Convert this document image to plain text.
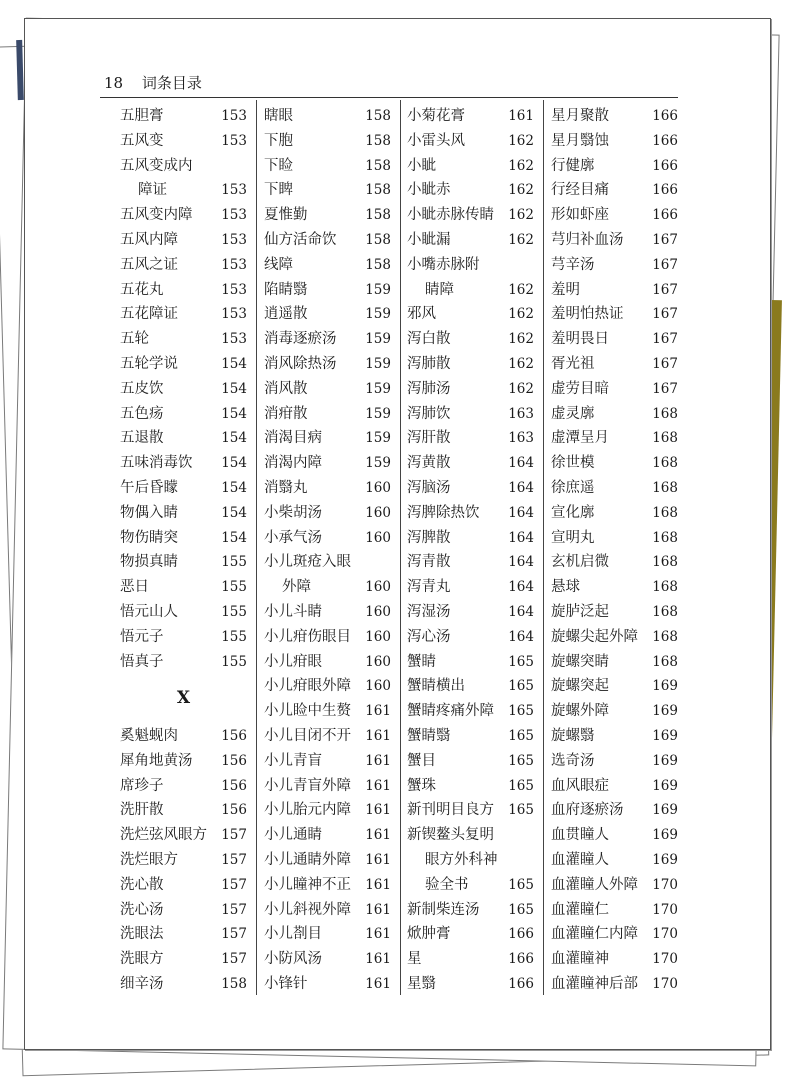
18 词条目录
五胆膏	153
五风变	153
五风变成内
障证	153
五风变内障 153
五风内障	153
五风之证	153
五花丸	153
五花障证	153
五轮	153
五轮学说	154
五皮饮	154
五色疡	154
五退散	154
五味消毒饮 154
午后昏矇	154
物偶入睛	154
物伤睛突	154
物损真睛	155
恶日	155
悟元山人	155
悟元子	155
悟真子	155
X
奚魁蚬肉	156
犀角地黄汤 156
席珍子	156
洗肝散	156
洗烂弦风眼方 157
洗烂眼方	157
洗心散	157
洗心汤	157
洗眼法	157
洗眼方	157
细辛汤	158
瞎眼	158
下胞	158
下睑	158
下睥	158
夏惟勤	158
仙方活命饮 158
线障	158
陷睛翳	159
逍遥散	159
消毒逐瘀汤 159
消风除热汤 159
消风散	159
消疳散	159
消渴目病	159
消渴内障	159
消翳丸	160
小柴胡汤	160
小承气汤	160
小儿斑疮入眼
外障	160
小儿斗睛	160
小儿疳伤眼目 160
小儿疳眼	160
小儿疳眼外障 160
小儿睑中生赘 161
小儿目闭不开 161
小儿青盲	161
小儿青盲外障 161
小儿胎元内障 161
小儿通睛	161
小儿通睛外障 161
小儿瞳神不正 161
小儿斜视外障 161
小儿剳目	161
小防风汤	161
小锋针	161
小菊花膏	161
小雷头风	162
小眦	162
小眦赤	162
小眦赤脉传睛 162
小眦漏	162
小嘴赤脉附
睛障	162
邪风	162
泻白散	162
泻肺散	162
泻肺汤	162
泻肺饮	163
泻肝散	163
泻黄散	164
泻脑汤	164
泻脾除热饮 164
泻脾散	164
泻青散	164
泻青丸	164
泻湿汤	164
泻心汤	164
蟹睛	165
蟹睛横出	165
蟹睛疼痛外障 165
蟹睛翳	165
蟹目	165
蟹珠	165
新刊明目良方 165
新锲鳌头复明
眼方外科神
验全书	165
新制柴连汤 165
焮肿膏	166
星	166
星翳	166
星月聚散	166
星月翳蚀	166
行健廓	166
行经目痛	166
形如虾座	166
芎归补血汤 167
芎辛汤	167
羞明	167
羞明怕热证 167
羞明畏日	167
胥光祖	167
虚劳目暗	167
虚灵廓	168
虚潭呈月	168
徐世模	168
徐庶遥	168
宣化廓	168
宣明丸	168
玄机启微	168
悬球	168
旋胪泛起	168
旋螺尖起外障 168
旋螺突睛	168
旋螺突起	169
旋螺外障	169
旋螺翳	169
选奇汤	169
血风眼症	169
血府逐瘀汤 169
血贯瞳人	169
血灌瞳人	169
血灌瞳人外障 170
血灌瞳仁	170
血灌瞳仁内障 170
血灌瞳神	170
血灌瞳神后部 170
